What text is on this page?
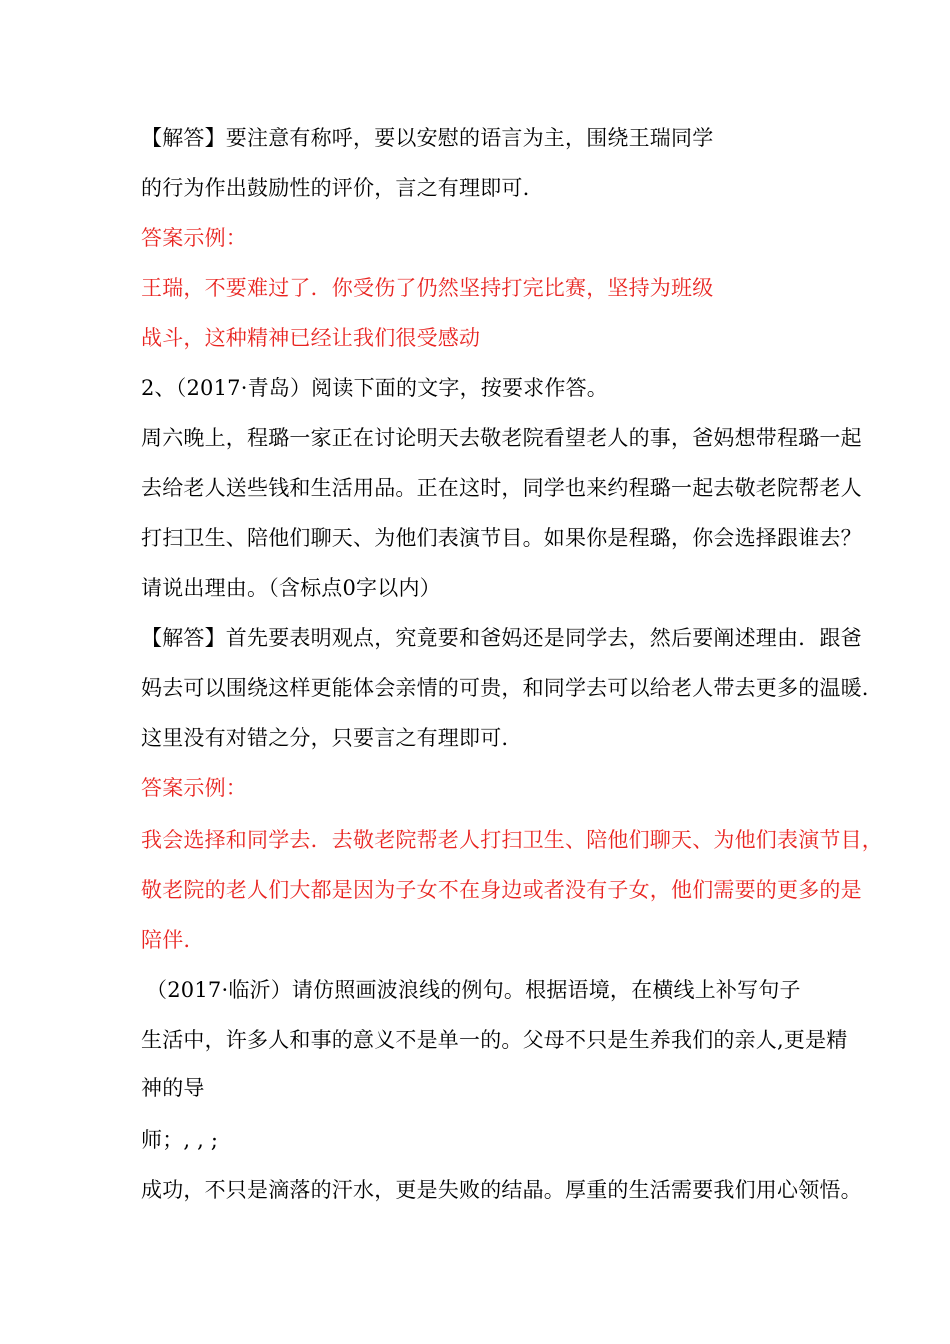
【解答】要注意有称呼，要以安慰的语言为主，围绕王瑞同学
的行为作出鼓励性的评价，言之有理即可.
答案示例：
王瑞，不要难过了．你受伤了仍然坚持打完比赛，坚持为班级
战斗，这种精神已经让我们很受感动
2、（2017·青岛）阅读下面的文字，按要求作答。
周六晚上，程璐一家正在讨论明天去敬老院看望老人的事，爸妈想带程璐一起
去给老人送些钱和生活用品。正在这时，同学也来约程璐一起去敬老院帮老人
打扫卫生、陪他们聊天、为他们表演节目。如果你是程璐，你会选择跟谁去？
请说出理由。（含标点0字以内）
【解答】首先要表明观点，究竟要和爸妈还是同学去，然后要阐述理由．跟爸
妈去可以围绕这样更能体会亲情的可贵，和同学去可以给老人带去更多的温暖.
这里没有对错之分，只要言之有理即可.
答案示例：
我会选择和同学去．去敬老院帮老人打扫卫生、陪他们聊天、为他们表演节目，
敬老院的老人们大都是因为子女不在身边或者没有子女，他们需要的更多的是
陪伴.
（2017·临沂）请仿照画波浪线的例句。根据语境，在横线上补写句子
生活中，许多人和事的意义不是单一的。父母不只是生养我们的亲人,更是精
神的导
师；, , ;
成功，不只是滴落的汗水，更是失败的结晶。厚重的生活需要我们用心领悟。
